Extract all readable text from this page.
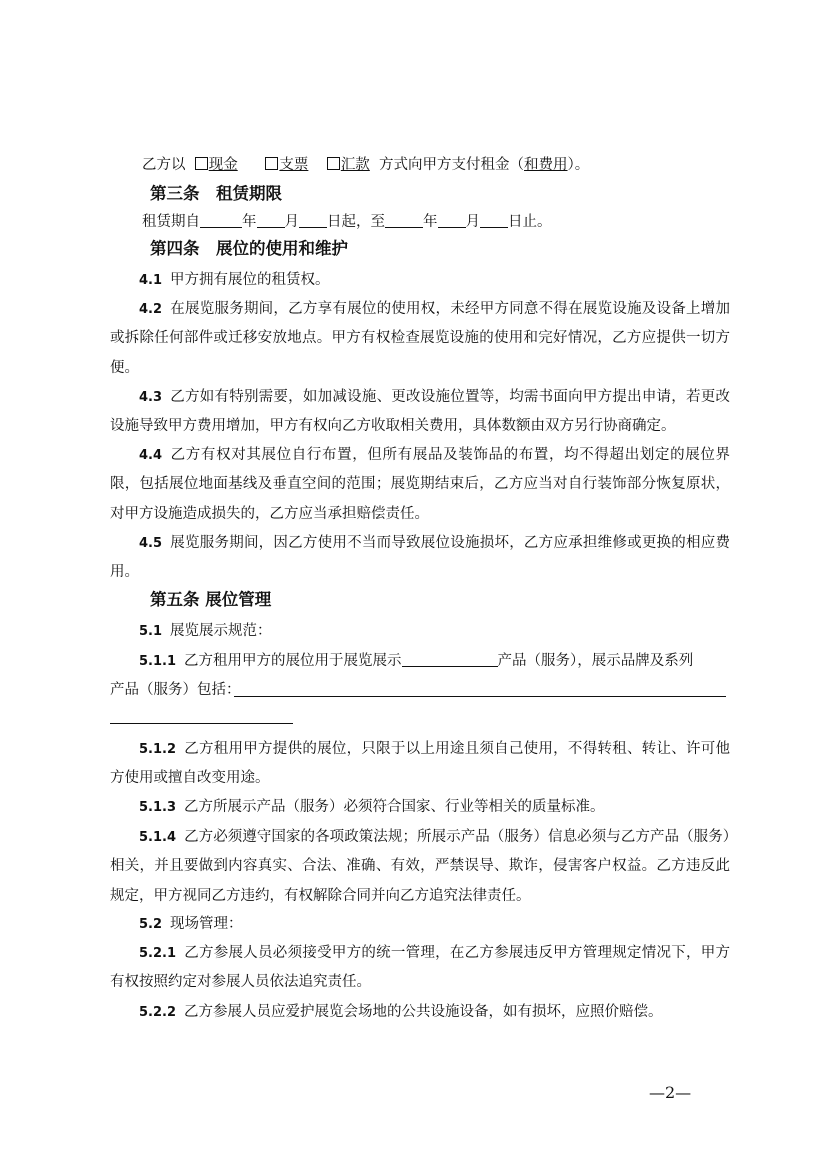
乙方以 现金	支票 汇款 方式向甲方支付租金（和费用）。
第三条　租赁期限
租赁期自	年 月 日起，至	年 月 日止。
第四条　展位的使用和维护
4.1 甲方拥有展位的租赁权。
4.2 在展览服务期间，乙方享有展位的使用权，未经甲方同意不得在展览设施及设备上增加或拆除任何部件或迁移安放地点。甲方有权检查展览设施的使用和完好情况，乙方应提供一切方便。
4.3 乙方如有特别需要，如加减设施、更改设施位置等，均需书面向甲方提出申请，若更改设施导致甲方费用增加，甲方有权向乙方收取相关费用，具体数额由双方另行协商确定。
4.4 乙方有权对其展位自行布置，但所有展品及装饰品的布置，均不得超出划定的展位界限，包括展位地面基线及垂直空间的范围；展览期结束后，乙方应当对自行装饰部分恢复原状，对甲方设施造成损失的，乙方应当承担赔偿责任。
4.5 展览服务期间，因乙方使用不当而导致展位设施损坏，乙方应承担维修或更换的相应费用。
第五条 展位管理
5.1 展览展示规范：
5.1.1 乙方租用甲方的展位用于展览展示	产品（服务），展示品牌及系列
产品（服务）包括：
5.1.2 乙方租用甲方提供的展位，只限于以上用途且须自己使用，不得转租、转让、许可他方使用或擅自改变用途。
5.1.3 乙方所展示产品（服务）必须符合国家、行业等相关的质量标准。
5.1.4 乙方必须遵守国家的各项政策法规；所展示产品（服务）信息必须与乙方产品（服务）相关，并且要做到内容真实、合法、准确、有效，严禁误导、欺诈，侵害客户权益。乙方违反此规定，甲方视同乙方违约，有权解除合同并向乙方追究法律责任。
5.2 现场管理：
5.2.1 乙方参展人员必须接受甲方的统一管理，在乙方参展违反甲方管理规定情况下，甲方有权按照约定对参展人员依法追究责任。
5.2.2 乙方参展人员应爱护展览会场地的公共设施设备，如有损坏，应照价赔偿。
—2—
